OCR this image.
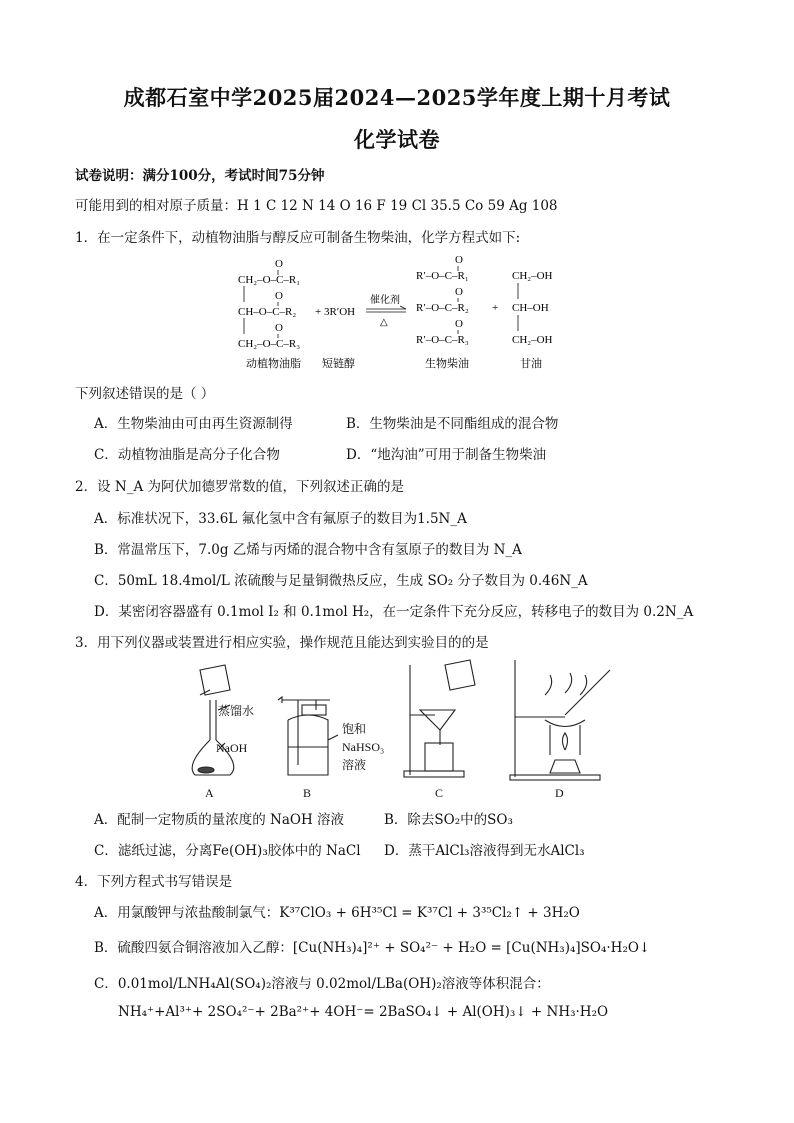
成都石室中学2025届2024—2025学年度上期十月考试
化学试卷
试卷说明：满分100分，考试时间75分钟
可能用到的相对原子质量：H 1 C 12 N 14 O 16 F 19 Cl 35.5 Co 59 Ag 108
1．在一定条件下，动植物油脂与醇反应可制备生物柴油，化学方程式如下:
O
CH₂–O–C–R₁
O
CH–O–C–R₂
O
CH₂–O–C–R₃
+ 3R′OH
催化剂
△
O
R′–O–C–R₁
O
R′–O–C–R₂
O
R′–O–C–R₃
+
CH₂–OH
CH–OH
CH₂–OH
动植物油脂 短链醇	生物柴油	甘油
下列叙述错误的是（ ）
A．生物柴油由可由再生资源制得	B．生物柴油是不同酯组成的混合物
C．动植物油脂是高分子化合物	D．“地沟油”可用于制备生物柴油
2．设 N_A 为阿伏加德罗常数的值，下列叙述正确的是
A．标准状况下，33.6L 氟化氢中含有氟原子的数目为1.5N_A
B．常温常压下，7.0g 乙烯与丙烯的混合物中含有氢原子的数目为 N_A
C．50mL 18.4mol/L 浓硫酸与足量铜微热反应，生成 SO₂ 分子数目为 0.46N_A
D．某密闭容器盛有 0.1mol I₂ 和 0.1mol H₂，在一定条件下充分反应，转移电子的数目为 0.2N_A
3．用下列仪器或装置进行相应实验，操作规范且能达到实验目的的是
蒸馏水
NaOH
饱和
NaHSO₃
溶液
A	B	C	D
A．配制一定物质的量浓度的 NaOH 溶液	B．除去SO₂中的SO₃
C．滤纸过滤，分离Fe(OH)₃胶体中的 NaCl D．蒸干AlCl₃溶液得到无水AlCl₃
4．下列方程式书写错误是
A．用氯酸钾与浓盐酸制氯气：K³⁷ClO₃ + 6H³⁵Cl = K³⁷Cl + 3³⁵Cl₂↑ + 3H₂O
B．硫酸四氨合铜溶液加入乙醇：[Cu(NH₃)₄]²⁺ + SO₄²⁻ + H₂O = [Cu(NH₃)₄]SO₄·H₂O↓
C．0.01mol/LNH₄Al(SO₄)₂溶液与 0.02mol/LBa(OH)₂溶液等体积混合：
NH₄⁺+Al³⁺+ 2SO₄²⁻+ 2Ba²⁺+ 4OH⁻= 2BaSO₄↓ + Al(OH)₃↓ + NH₃·H₂O
